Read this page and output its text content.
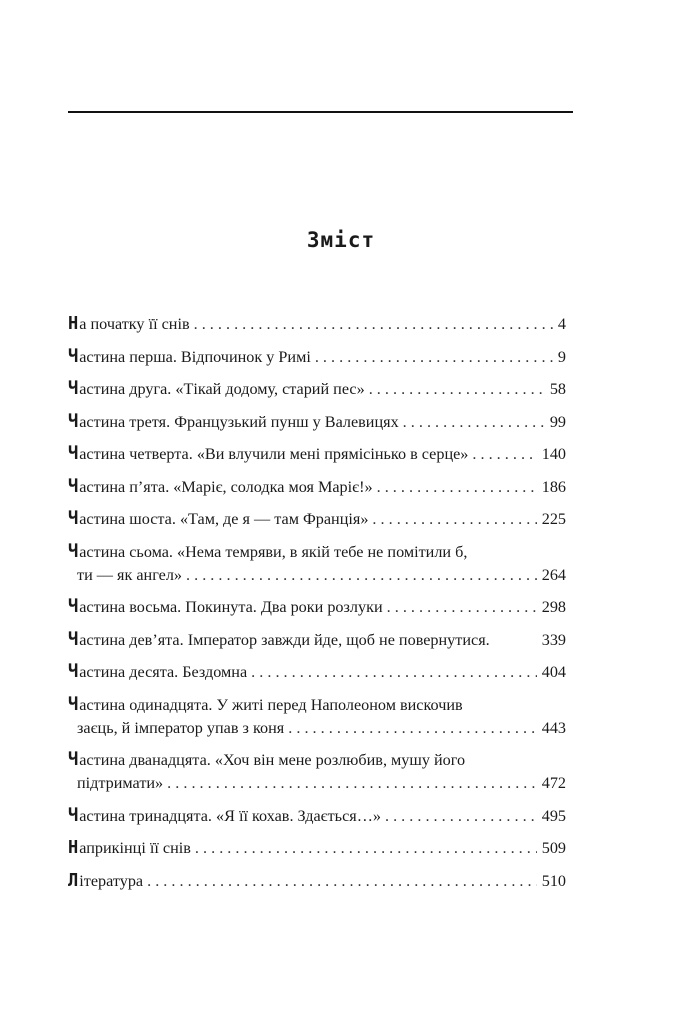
Зміст
Н а початку її снів . . .	4
Ч астина перша. Відпочинок у Римі . . .	9
Ч астина друга. «Тікай додому, старий пес» . . .	58
Ч астина третя. Французький пунш у Валевицях . . .	99
Ч астина четверта. «Ви влучили мені прямісінько в серце» . . .	140
Ч астина п’ята. «Маріє, солодка моя Маріє!» . . .	186
Ч астина шоста. «Там, де я — там Франція» . . .	225
Ч астина сьома. «Нема темряви, в якій тебе не помітили б,
ти — як ангел» . . .	264
Ч астина восьма. Покинута. Два роки розлуки . . .	298
Ч астина дев’ята. Імператор завжди йде, щоб не повернутися.	339
Ч астина десята. Бездомна . . .	404
Ч астина одинадцята. У житі перед Наполеоном вискочив
заєць, й імператор упав з коня . . .	443
Ч астина дванадцята. «Хоч він мене розлюбив, мушу його
підтримати» . . .	472
Ч астина тринадцята. «Я її кохав. Здається…» . . .	495
Н априкінці її снів . . .	509
Л ітература . . .	510
